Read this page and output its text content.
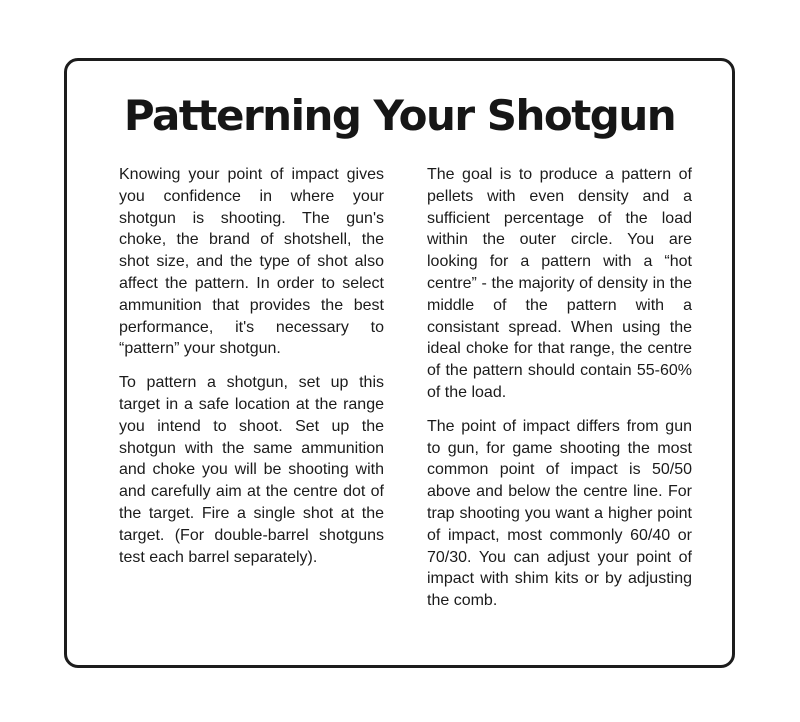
Patterning Your Shotgun

Knowing your point of impact gives you confidence in where your shotgun is shooting. The gun's choke, the brand of shotshell, the shot size, and the type of shot also affect the pattern. In order to select ammunition that provides the best performance, it's necessary to “pattern” your shotgun.

To pattern a shotgun, set up this target in a safe location at the range you intend to shoot. Set up the shotgun with the same ammunition and choke you will be shooting with and carefully aim at the centre dot of the target. Fire a single shot at the target. (For double-barrel shotguns test each barrel separately).

The goal is to produce a pattern of pellets with even density and a sufficient percentage of the load within the outer circle. You are looking for a pattern with a “hot centre” - the majority of density in the middle of the pattern with a consistant spread. When using the ideal choke for that range, the centre of the pattern should contain 55-60% of the load.

The point of impact differs from gun to gun, for game shooting the most common point of impact is 50/50 above and below the centre line. For trap shooting you want a higher point of impact, most commonly 60/40 or 70/30. You can adjust your point of impact with shim kits or by adjusting the comb.
